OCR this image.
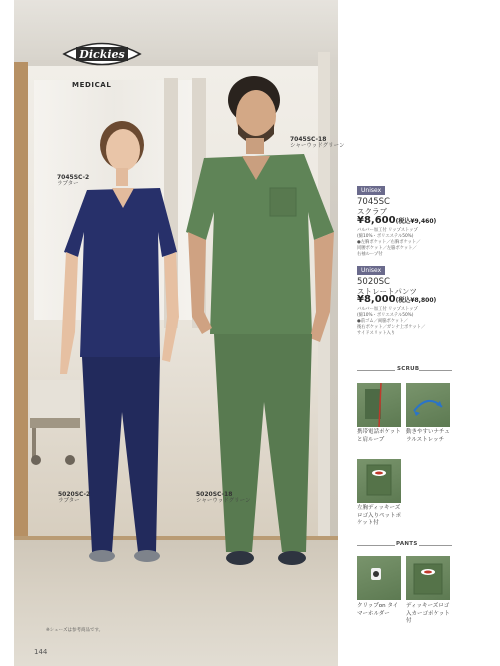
Dickies
MEDICAL
7045SC-2
ラプター
7045SC-18
シャーウッドグリーン
5020SC-2
ラプター
5020SC-18
シャーウッドグリーン
Unisex
7045SC
スクラブ
¥8,600(税込¥9,460)
バルバー加工付 リップストップ
(綿10%・ポリエステル50%)
●左胸ポケット／右胸ポケット／
同腰ポケット／左脇ポケット／
右袖ループ付
Unisex
5020SC
ストレートパンツ
¥8,000(税込¥8,800)
バルバー加工付 リップストップ
(綿10%・ポリエステル50%)
●前ゴム／両脇ポケット／
後右ポケット／ガンナ上ポケット／
サイドスリット入り
SCRUB
携帯電話ポケットと肩ループ
動きやすいナチュラルストレッチ
左胸ディッキーズロゴ入りペットポケット付
PANTS
クリップon タイマーホルダー
ディッキーズロゴ入カーゴポケット付
※シューズは参考商品です。
144
